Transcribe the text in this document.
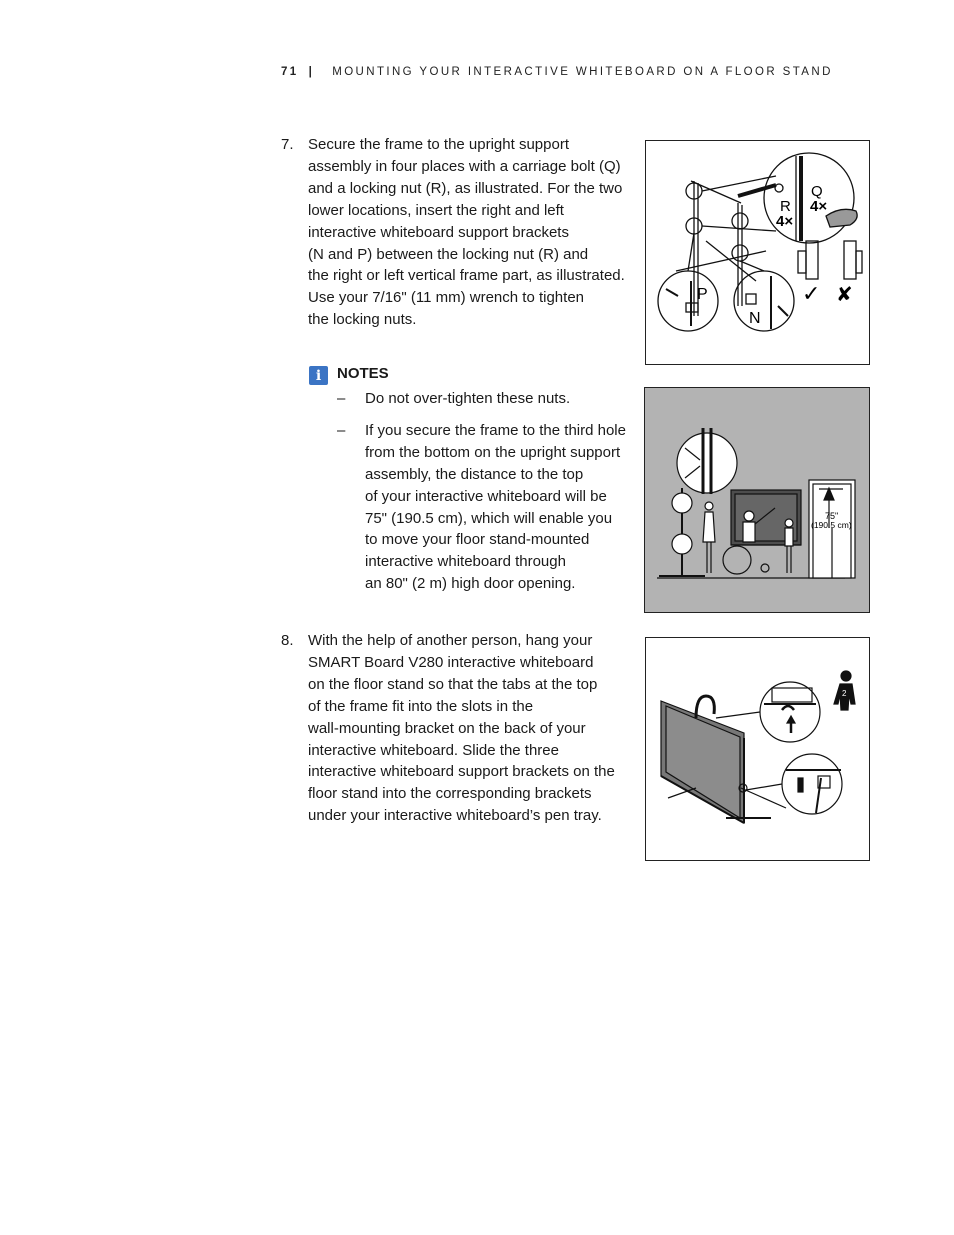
71 | MOUNTING YOUR INTERACTIVE WHITEBOARD ON A FLOOR STAND
7. Secure the frame to the upright support
assembly in four places with a carriage bolt (Q)
and a locking nut (R), as illustrated. For the two
lower locations, insert the right and left
interactive whiteboard support brackets
(N and P) between the locking nut (R) and
the right or left vertical frame part, as illustrated.
Use your 7/16" (11 mm) wrench to tighten
the locking nuts.
i	NOTES
– Do not over-tighten these nuts.
– If you secure the frame to the third hole
from the bottom on the upright support
assembly, the distance to the top
of your interactive whiteboard will be
75" (190.5 cm), which will enable you
to move your floor stand-mounted
interactive whiteboard through
an 80" (2 m) high door opening.
8. With the help of another person, hang your
SMART Board V280 interactive whiteboard
on the floor stand so that the tabs at the top
of the frame fit into the slots in the
wall-mounting bracket on the back of your
interactive whiteboard. Slide the three
interactive whiteboard support brackets on the
floor stand into the corresponding brackets
under your interactive whiteboard’s pen tray.
Q
4×
R
4×
P
N
✓ ✘
75"
(190.5 cm)
2
